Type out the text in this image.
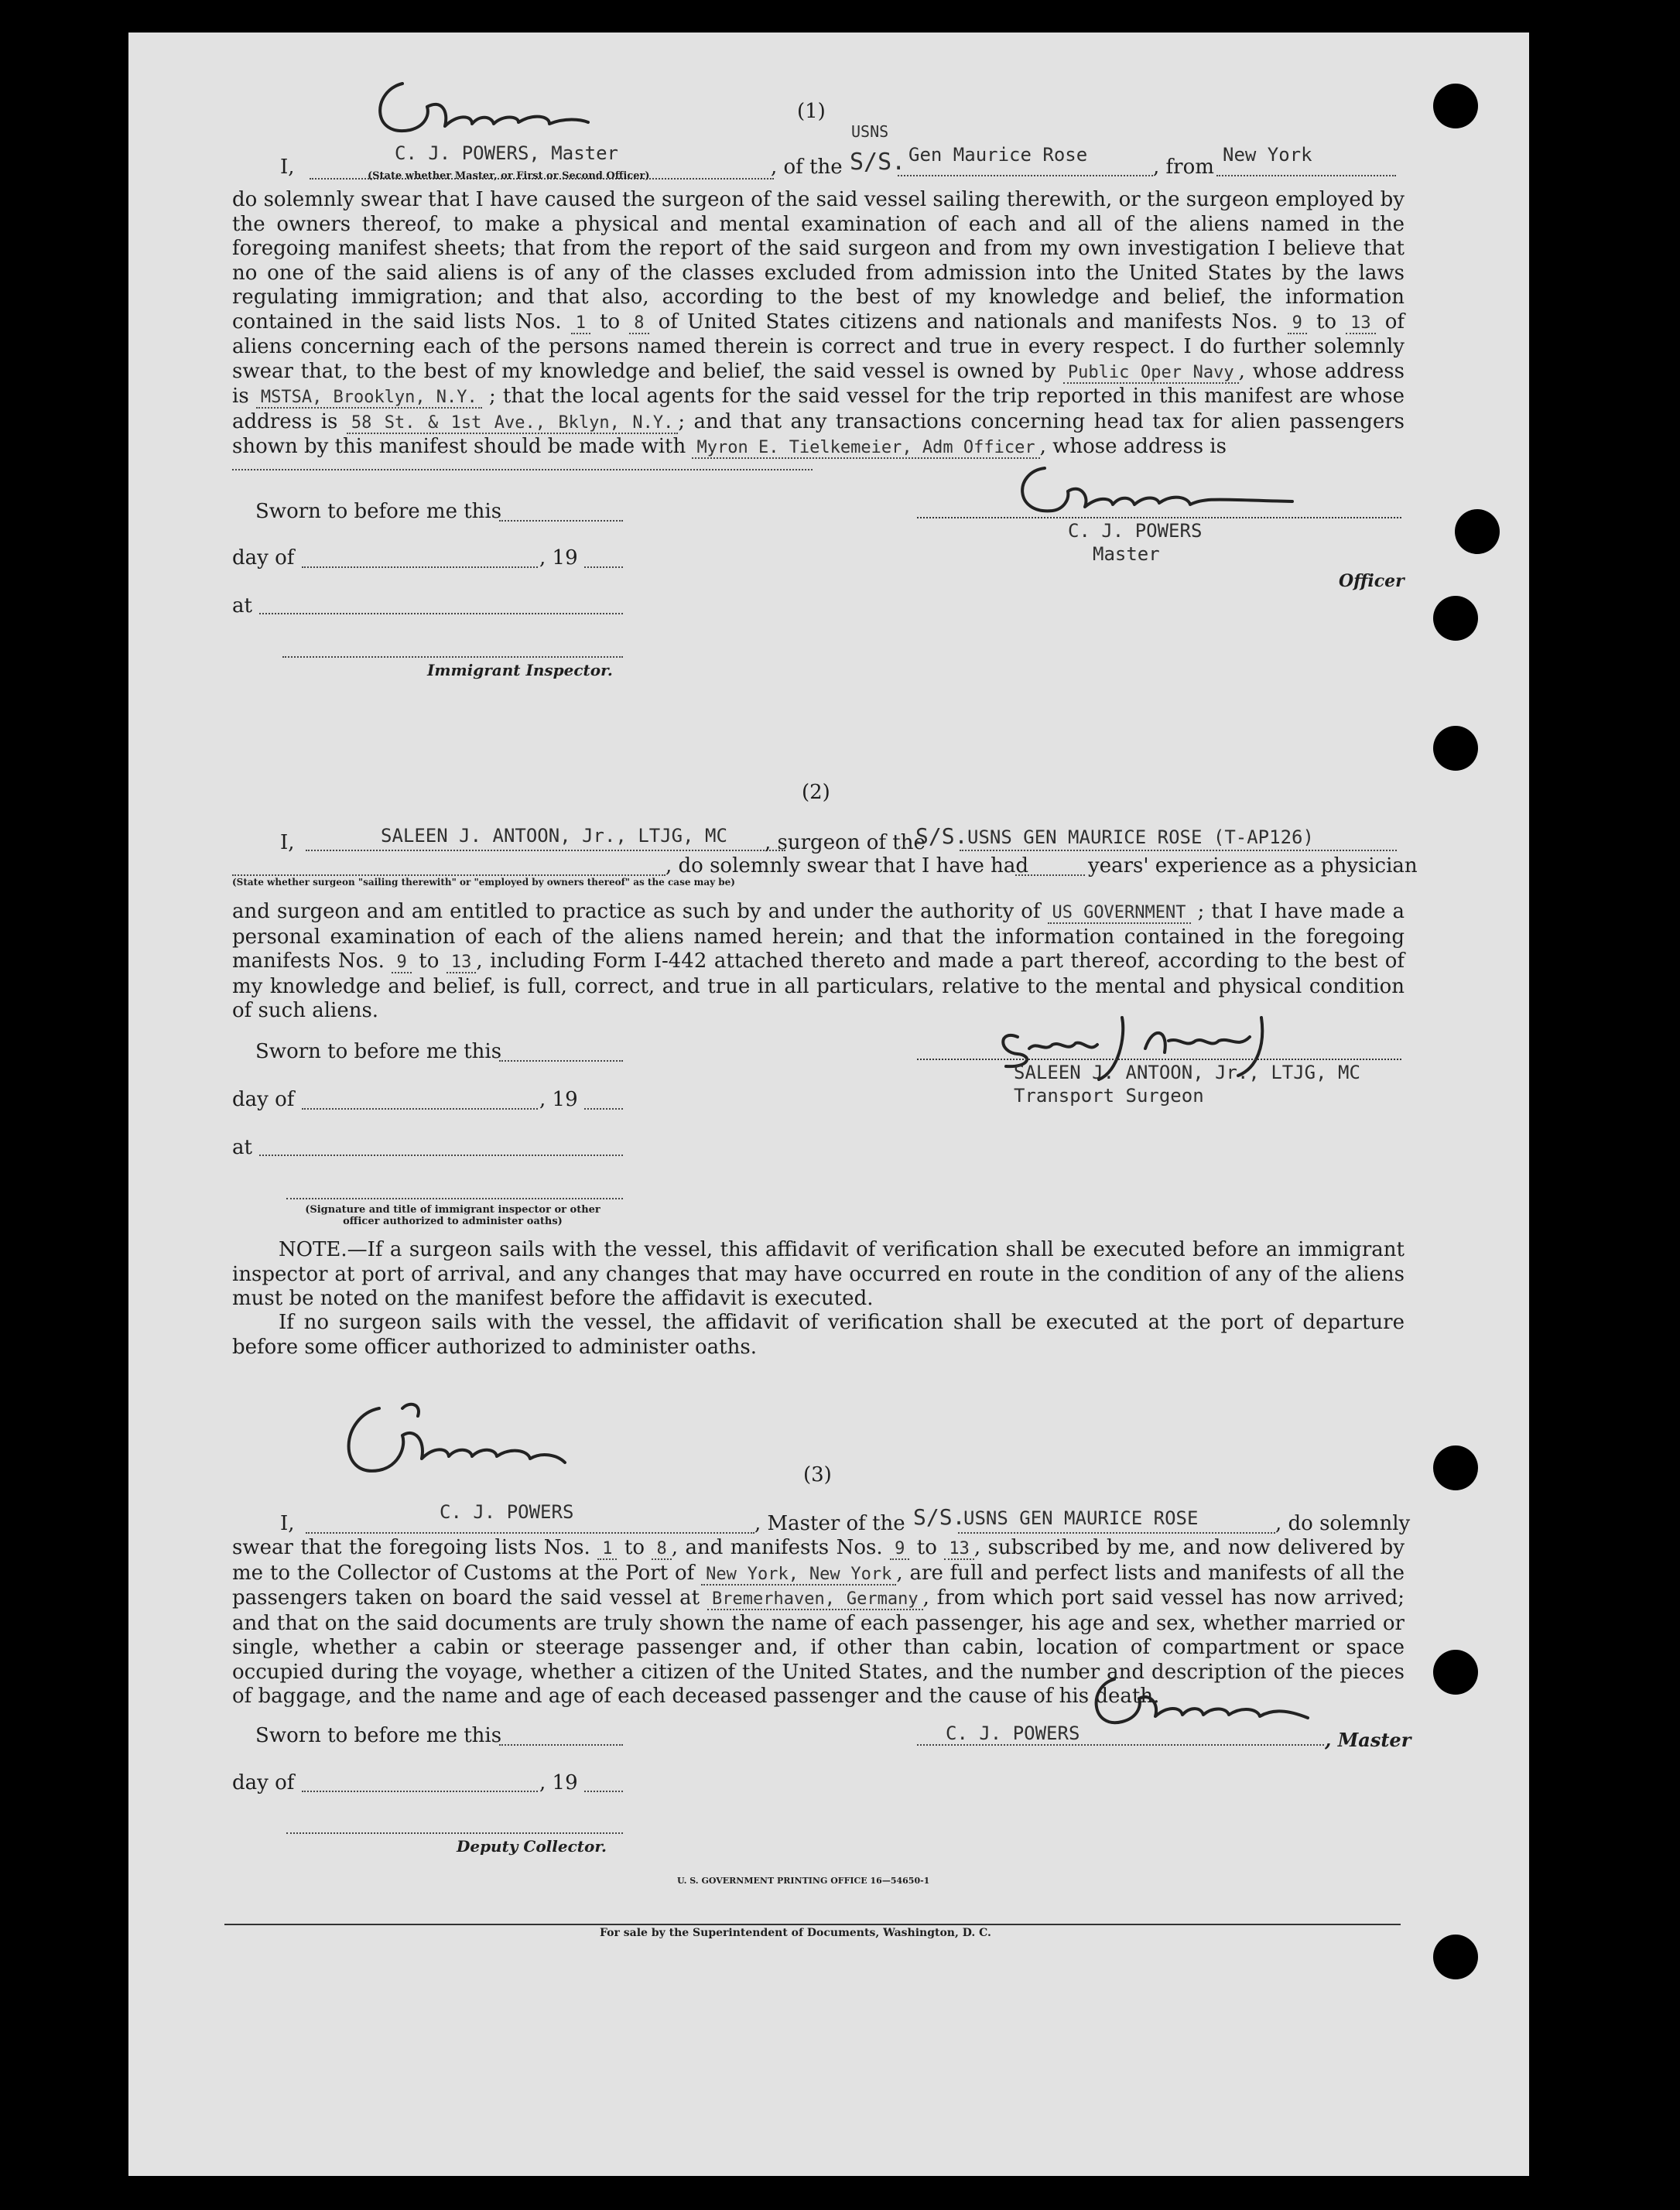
(1)
USNS
I,
C. J. POWERS, Master
(State whether Master, or First or Second Officer)	, of the S/S. Gen Maurice Rose
, from
New York
do solemnly swear that I have caused the surgeon of the said vessel sailing therewith, or the surgeon employed by the owners thereof, to make a physical and mental examination of each and all of the aliens named in the foregoing manifest sheets; that from the report of the said surgeon and from my own investigation I believe that no one of the said aliens is of any of the classes excluded from admission into the United States by the laws regulating immigration; and that also, according to the best of my knowledge and belief, the information contained in the said lists Nos. 1 to 8 of United States citizens and nationals and manifests Nos. 9 to 13 of aliens concerning each of the persons named therein is correct and true in every respect. I do further solemnly swear that, to the best of my knowledge and belief, the said vessel is owned by Public Oper Navy , whose address is MSTSA, Brooklyn, N.Y. ; that the local agents for the said vessel for the trip reported in this manifest are whose address is 58 St. & 1st Ave., Bklyn, N.Y. ; and that any transactions concerning head tax for alien passengers shown by this manifest should be made with Myron E. Tielkemeier, Adm Officer , whose address is
Sworn to before me this
day of	, 19
at
Immigrant Inspector.
C. J. POWERS
Master
Officer
(2)
I,	SALEEN J. ANTOON, Jr., LTJG, MC , surgeon of the
S/S. USNS GEN MAURICE ROSE (T-AP126)
, do solemnly swear that I have had	years' experience as a physician
(State whether surgeon "sailing therewith" or "employed by owners thereof" as the case may be)
and surgeon and am entitled to practice as such by and under the authority of US GOVERNMENT ; that I have made a personal examination of each of the aliens named herein; and that the information contained in the foregoing manifests Nos. 9 to 13 , including Form I-442 attached thereto and made a part thereof, according to the best of my knowledge and belief, is full, correct, and true in all particulars, relative to the mental and physical condition of such aliens.
Sworn to before me this
day of	, 19
at
(Signature and title of immigrant inspector or other officer authorized to administer oaths)
SALEEN J. ANTOON, Jr., LTJG, MC
Transport Surgeon
NOTE.—If a surgeon sails with the vessel, this affidavit of verification shall be executed before an immigrant inspector at port of arrival, and any changes that may have occurred en route in the condition of any of the aliens must be noted on the manifest before the affidavit is executed.
If no surgeon sails with the vessel, the affidavit of verification shall be executed at the port of departure before some officer authorized to administer oaths.
(3)
I,	C. J. POWERS	, Master of the S/S.
USNS GEN MAURICE ROSE	, do solemnly
swear that the foregoing lists Nos. 1 to 8 , and manifests Nos. 9 to 13 , subscribed by me, and now delivered by me to the Collector of Customs at the Port of New York, New York , are full and perfect lists and manifests of all the passengers taken on board the said vessel at Bremerhaven, Germany , from which port said vessel has now arrived; and that on the said documents are truly shown the name of each passenger, his age and sex, whether married or single, whether a cabin or steerage passenger and, if other than cabin, location of compartment or space occupied during the voyage, whether a citizen of the United States, and the number and description of the pieces of baggage, and the name and age of each deceased passenger and the cause of his death.
Sworn to before me this
day of	, 19
Deputy Collector.
C. J. POWERS	, Master
U. S. GOVERNMENT PRINTING OFFICE 16—54650-1
For sale by the Superintendent of Documents, Washington, D. C.
